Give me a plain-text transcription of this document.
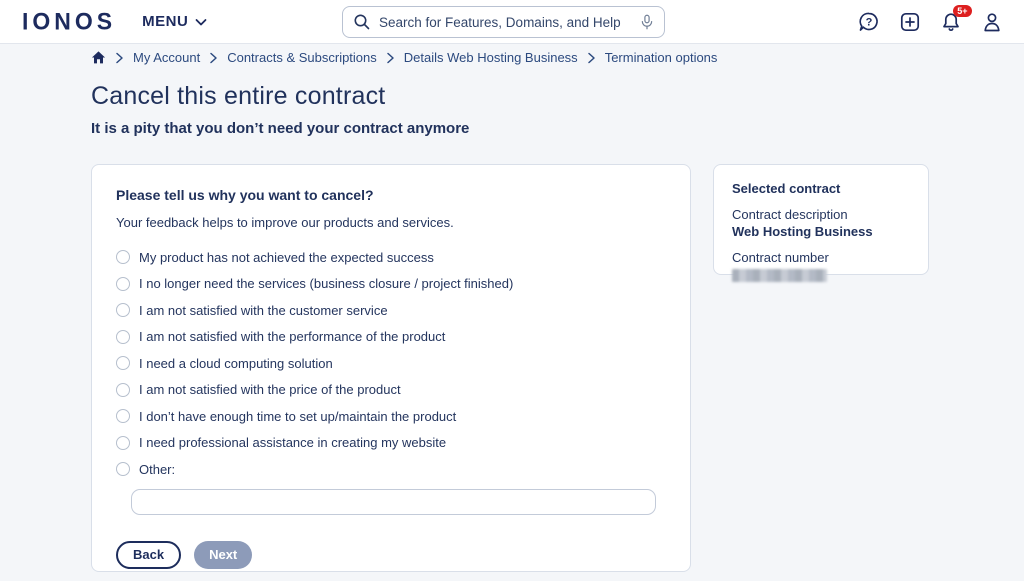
IONOS MENU
Search for Features, Domains, and Help	?
5+
My Account Contracts & Subscriptions Details Web Hosting Business Termination options
Cancel this entire contract
It is a pity that you don’t need your contract anymore
Please tell us why you want to cancel?
Your feedback helps to improve our products and services.
My product has not achieved the expected success
I no longer need the services (business closure / project finished)
I am not satisfied with the customer service
I am not satisfied with the performance of the product
I need a cloud computing solution
I am not satisfied with the price of the product
I don’t have enough time to set up/maintain the product
I need professional assistance in creating my website
Other:
Back	Next
Selected contract
Contract description
Web Hosting Business
Contract number
